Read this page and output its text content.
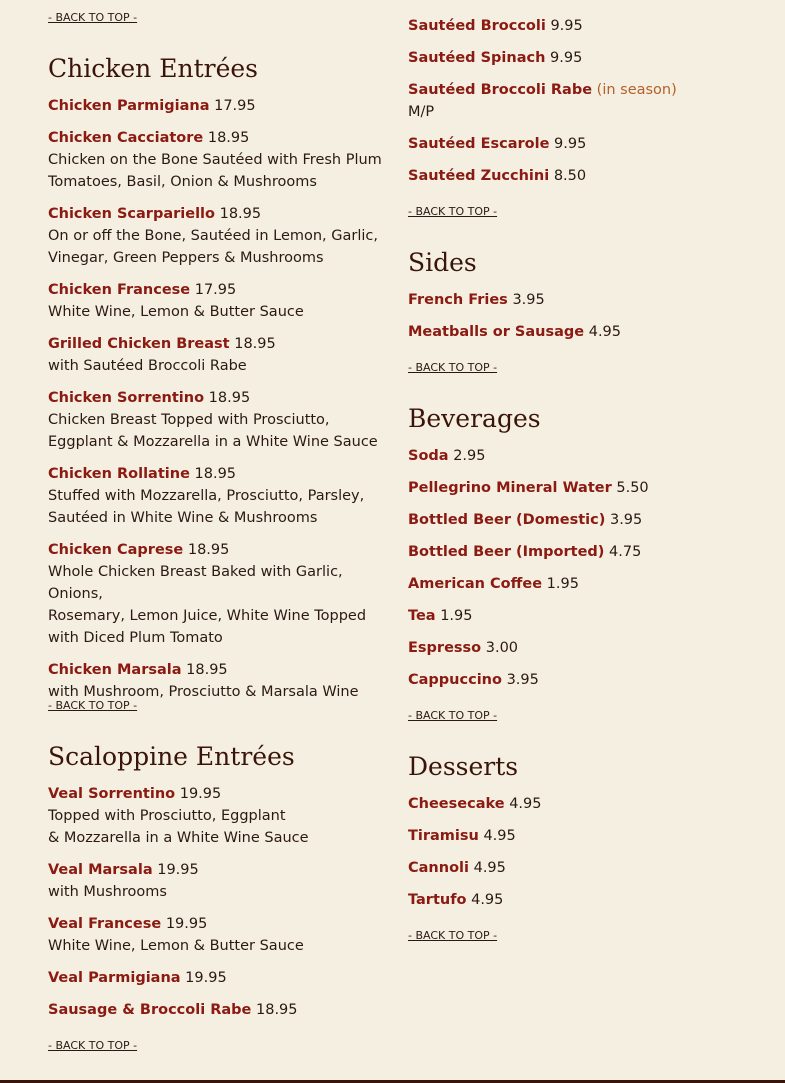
- BACK TO TOP -
Chicken Entrées
Chicken Parmigiana 17.95
Chicken Cacciatore 18.95
Chicken on the Bone Sautéed with Fresh Plum
Tomatoes, Basil, Onion & Mushrooms
Chicken Scarpariello 18.95
On or off the Bone, Sautéed in Lemon, Garlic,
Vinegar, Green Peppers & Mushrooms
Chicken Francese 17.95
White Wine, Lemon & Butter Sauce
Grilled Chicken Breast 18.95
with Sautéed Broccoli Rabe
Chicken Sorrentino 18.95
Chicken Breast Topped with Prosciutto,
Eggplant & Mozzarella in a White Wine Sauce
Chicken Rollatine 18.95
Stuffed with Mozzarella, Prosciutto, Parsley,
Sautéed in White Wine & Mushrooms
Chicken Caprese 18.95
Whole Chicken Breast Baked with Garlic, Onions,
Rosemary, Lemon Juice, White Wine Topped
with Diced Plum Tomato
Chicken Marsala 18.95
with Mushroom, Prosciutto & Marsala Wine
- BACK TO TOP -
Scaloppine Entrées
Veal Sorrentino 19.95
Topped with Prosciutto, Eggplant
& Mozzarella in a White Wine Sauce
Veal Marsala 19.95
with Mushrooms
Veal Francese 19.95
White Wine, Lemon & Butter Sauce
Veal Parmigiana 19.95
Sausage & Broccoli Rabe 18.95
- BACK TO TOP -
Sautéed Broccoli 9.95
Sautéed Spinach 9.95
Sautéed Broccoli Rabe (in season)
M/P
Sautéed Escarole 9.95
Sautéed Zucchini 8.50
- BACK TO TOP -
Sides
French Fries 3.95
Meatballs or Sausage 4.95
- BACK TO TOP -
Beverages
Soda 2.95
Pellegrino Mineral Water 5.50
Bottled Beer (Domestic) 3.95
Bottled Beer (Imported) 4.75
American Coffee 1.95
Tea 1.95
Espresso 3.00
Cappuccino 3.95
- BACK TO TOP -
Desserts
Cheesecake 4.95
Tiramisu 4.95
Cannoli 4.95
Tartufo 4.95
- BACK TO TOP -
